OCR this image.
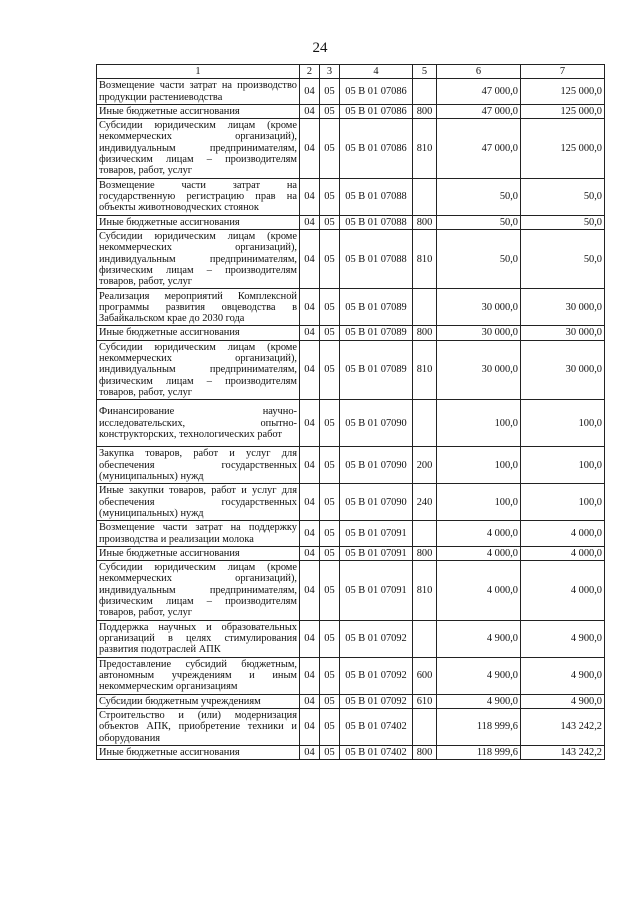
24
1	2	3	4	5	6	7
Возмещение части затрат на производство продукции растениеводства	04	05	05 В 01 07086		47 000,0	125 000,0
Иные бюджетные ассигнования	04	05	05 В 01 07086	800	47 000,0	125 000,0
Субсидии юридическим лицам (кроме некоммерческих организаций), индивидуальным предпринимателям, физическим лицам – производителям товаров, работ, услуг	04	05	05 В 01 07086	810	47 000,0	125 000,0
Возмещение части затрат на государственную регистрацию прав на объекты животноводческих стоянок	04	05	05 В 01 07088		50,0	50,0
Иные бюджетные ассигнования	04	05	05 В 01 07088	800	50,0	50,0
Субсидии юридическим лицам (кроме некоммерческих организаций), индивидуальным предпринимателям, физическим лицам – производителям товаров, работ, услуг	04	05	05 В 01 07088	810	50,0	50,0
Реализация мероприятий Комплексной программы развития овцеводства в Забайкальском крае до 2030 года	04	05	05 В 01 07089		30 000,0	30 000,0
Иные бюджетные ассигнования	04	05	05 В 01 07089	800	30 000,0	30 000,0
Субсидии юридическим лицам (кроме некоммерческих организаций), индивидуальным предпринимателям, физическим лицам – производителям товаров, работ, услуг	04	05	05 В 01 07089	810	30 000,0	30 000,0
Финансирование научно-исследовательских, опытно-конструкторских, технологических работ	04	05	05 В 01 07090		100,0	100,0
Закупка товаров, работ и услуг для обеспечения государственных (муниципальных) нужд	04	05	05 В 01 07090	200	100,0	100,0
Иные закупки товаров, работ и услуг для обеспечения государственных (муниципальных) нужд	04	05	05 В 01 07090	240	100,0	100,0
Возмещение части затрат на поддержку производства и реализации молока	04	05	05 В 01 07091		4 000,0	4 000,0
Иные бюджетные ассигнования	04	05	05 В 01 07091	800	4 000,0	4 000,0
Субсидии юридическим лицам (кроме некоммерческих организаций), индивидуальным предпринимателям, физическим лицам – производителям товаров, работ, услуг	04	05	05 В 01 07091	810	4 000,0	4 000,0
Поддержка научных и образовательных организаций в целях стимулирования развития подотраслей АПК	04	05	05 В 01 07092		4 900,0	4 900,0
Предоставление субсидий бюджетным, автономным учреждениям и иным некоммерческим организациям	04	05	05 В 01 07092	600	4 900,0	4 900,0
Субсидии бюджетным учреждениям	04	05	05 В 01 07092	610	4 900,0	4 900,0
Строительство и (или) модернизация объектов АПК, приобретение техники и оборудования	04	05	05 В 01 07402		118 999,6	143 242,2
Иные бюджетные ассигнования	04	05	05 В 01 07402	800	118 999,6	143 242,2
